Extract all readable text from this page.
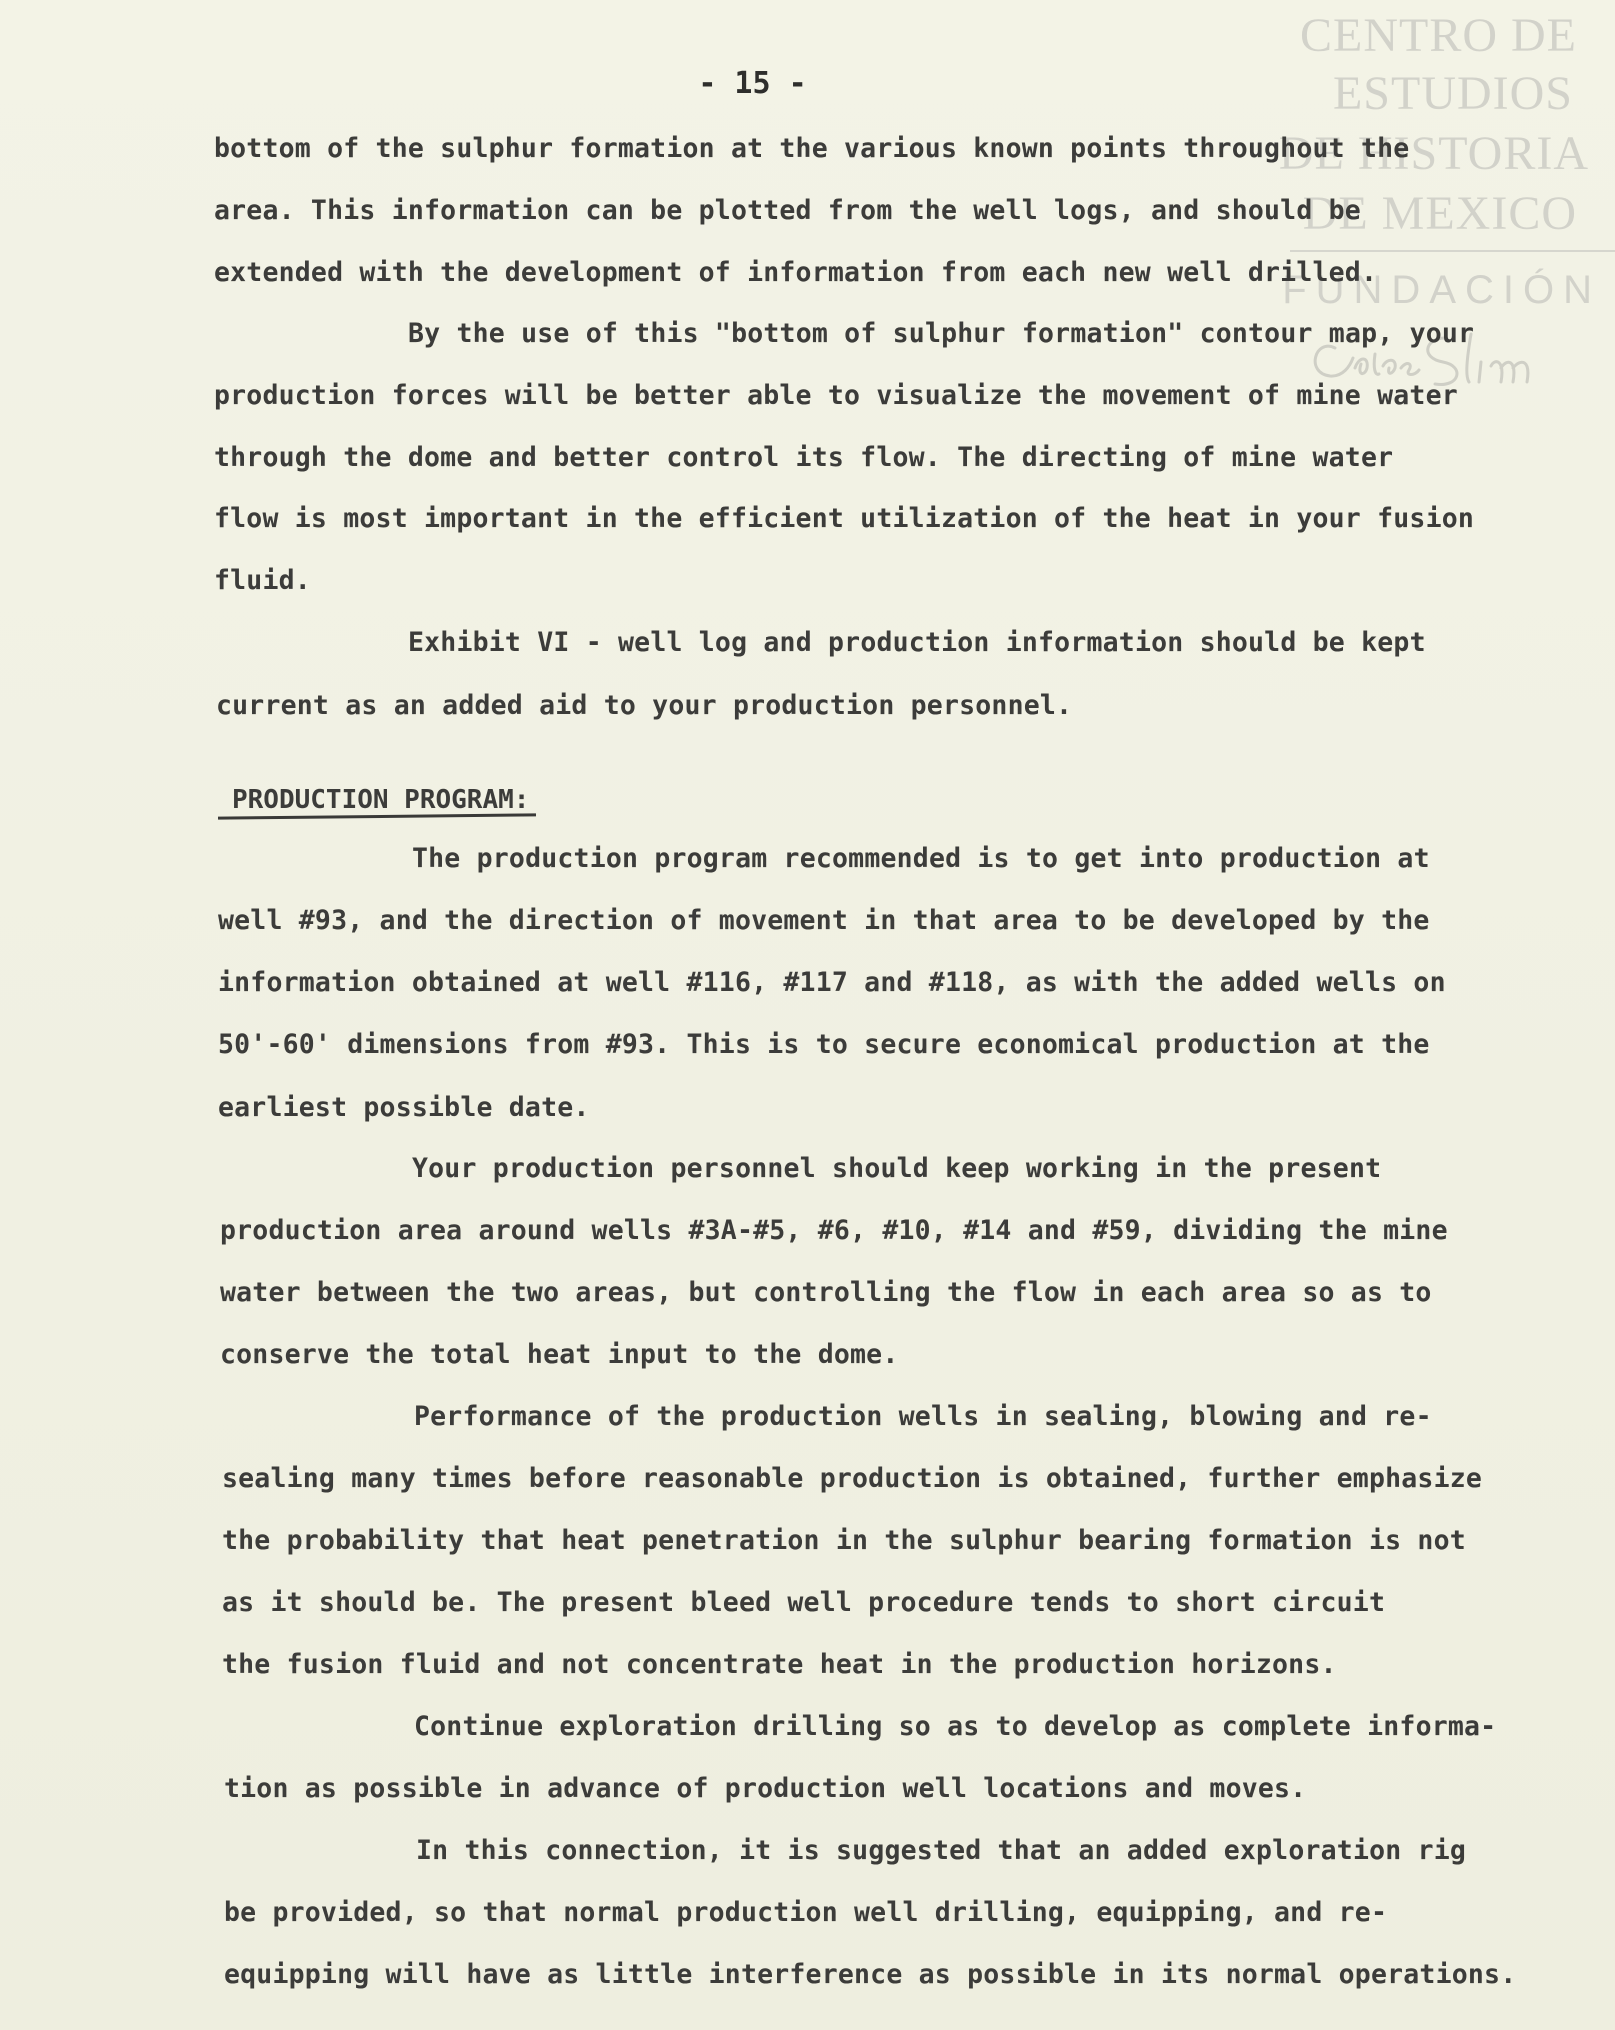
CENTRO DE
ESTUDIOS
DE HISTORIA
DE MEXICO
FUNDACIÓN
- 15 -
bottom of the sulphur formation at the various known points throughout the
area. This information can be plotted from the well logs, and should be
extended with the development of information from each new well drilled.
By the use of this "bottom of sulphur formation" contour map, your
production forces will be better able to visualize the movement of mine water
through the dome and better control its flow. The directing of mine water
flow is most important in the efficient utilization of the heat in your fusion
fluid.
Exhibit VI - well log and production information should be kept
current as an added aid to your production personnel.
PRODUCTION PROGRAM:
The production program recommended is to get into production at
well #93, and the direction of movement in that area to be developed by the
information obtained at well #116, #117 and #118, as with the added wells on
50'-60' dimensions from #93. This is to secure economical production at the
earliest possible date.
Your production personnel should keep working in the present
production area around wells #3A-#5, #6, #10, #14 and #59, dividing the mine
water between the two areas, but controlling the flow in each area so as to
conserve the total heat input to the dome.
Performance of the production wells in sealing, blowing and re-
sealing many times before reasonable production is obtained, further emphasize
the probability that heat penetration in the sulphur bearing formation is not
as it should be. The present bleed well procedure tends to short circuit
the fusion fluid and not concentrate heat in the production horizons.
Continue exploration drilling so as to develop as complete informa-
tion as possible in advance of production well locations and moves.
In this connection, it is suggested that an added exploration rig
be provided, so that normal production well drilling, equipping, and re-
equipping will have as little interference as possible in its normal operations.
